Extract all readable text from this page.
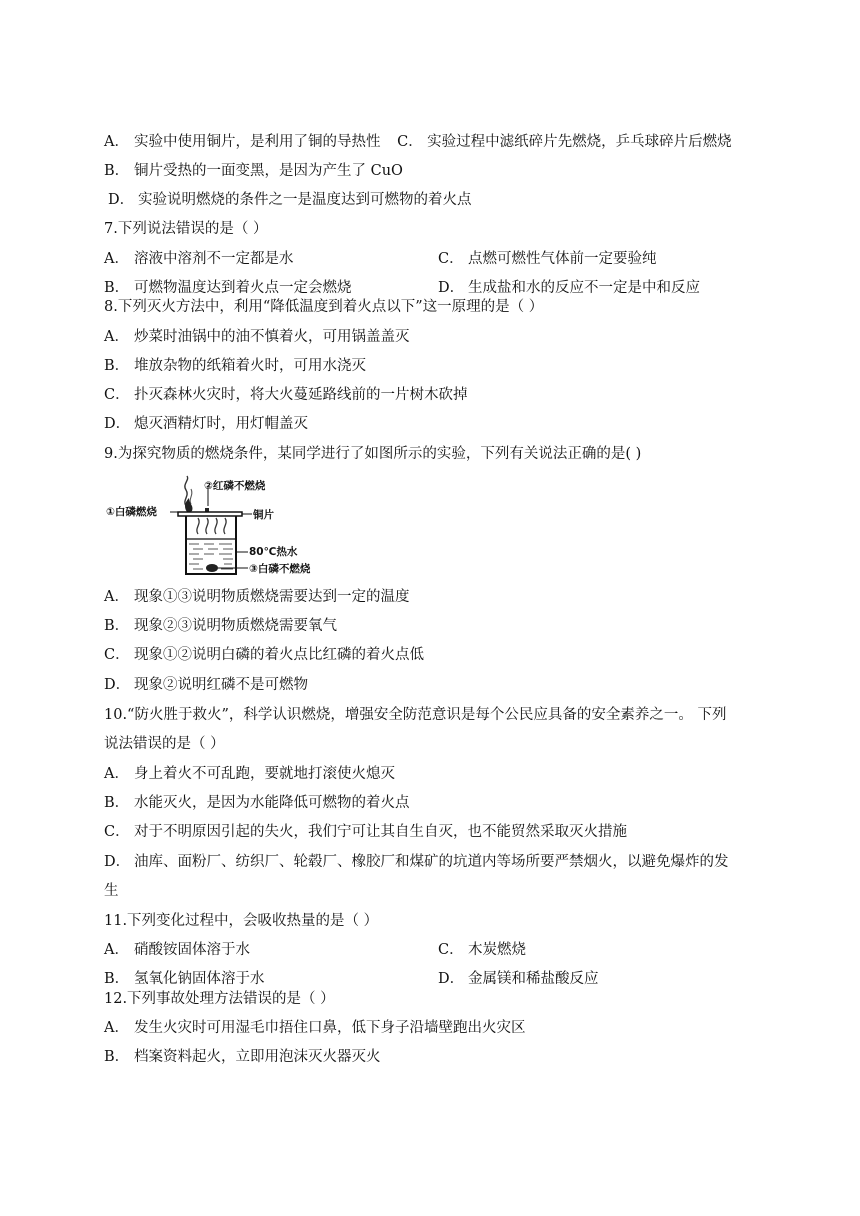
A． 实验中使用铜片，是利用了铜的导热性 C． 实验过程中滤纸碎片先燃烧，乒乓球碎片后燃烧
B． 铜片受热的一面变黑，是因为产生了 CuO
D． 实验说明燃烧的条件之一是温度达到可燃物的着火点
7.下列说法错误的是（ ）
A． 溶液中溶剂不一定都是水	C． 点燃可燃性气体前一定要验纯
B． 可燃物温度达到着火点一定会燃烧	D． 生成盐和水的反应不一定是中和反应
8.下列灭火方法中，利用“降低温度到着火点以下”这一原理的是（ ）
A． 炒菜时油锅中的油不慎着火，可用锅盖盖灭
B． 堆放杂物的纸箱着火时，可用水浇灭
C． 扑灭森林火灾时，将大火蔓延路线前的一片树木砍掉
D． 熄灭酒精灯时，用灯帽盖灭
9.为探究物质的燃烧条件，某同学进行了如图所示的实验，下列有关说法正确的是( )
①白磷燃烧
②红磷不燃烧
铜片
80℃热水
③白磷不燃烧
A． 现象①③说明物质燃烧需要达到一定的温度
B． 现象②③说明物质燃烧需要氧气
C． 现象①②说明白磷的着火点比红磷的着火点低
D． 现象②说明红磷不是可燃物
10.“防火胜于救火”，科学认识燃烧，增强安全防范意识是每个公民应具备的安全素养之一。 下列
说法错误的是（ ）
A． 身上着火不可乱跑，要就地打滚使火熄灭
B． 水能灭火，是因为水能降低可燃物的着火点
C． 对于不明原因引起的失火，我们宁可让其自生自灭，也不能贸然采取灭火措施
D． 油库、面粉厂、纺织厂、轮毂厂、橡胶厂和煤矿的坑道内等场所要严禁烟火，以避免爆炸的发
生
11.下列变化过程中，会吸收热量的是（ ）
A． 硝酸铵固体溶于水	C． 木炭燃烧
B． 氢氧化钠固体溶于水	D． 金属镁和稀盐酸反应
12.下列事故处理方法错误的是（ ）
A． 发生火灾时可用湿毛巾捂住口鼻，低下身子沿墙壁跑出火灾区
B． 档案资料起火，立即用泡沫灭火器灭火
